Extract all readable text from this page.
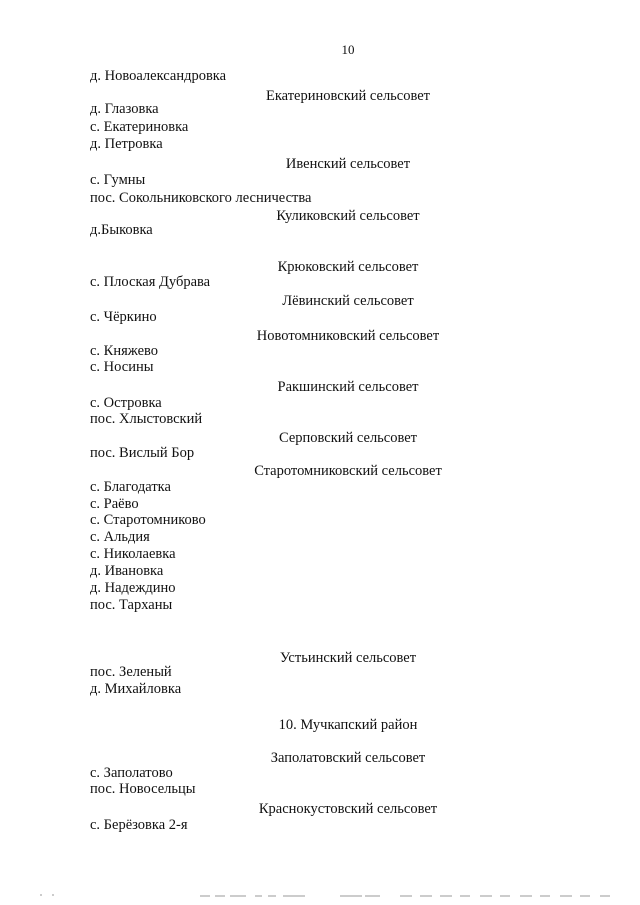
10
д. Новоалександровка
Екатериновский сельсовет
д. Глазовка
с. Екатериновка
д. Петровка
Ивенский сельсовет
с. Гумны
пос. Сокольниковского лесничества
Куликовский сельсовет
д.Быковка
Крюковский сельсовет
с. Плоская Дубрава
Лёвинский сельсовет
с. Чёркино
Новотомниковский сельсовет
с. Княжево
с. Носины
Ракшинский сельсовет
с. Островка
пос. Хлыстовский
Серповский сельсовет
пос. Вислый Бор
Старотомниковский сельсовет
с. Благодатка
с. Раёво
с. Старотомниково
с. Альдия
с. Николаевка
д. Ивановка
д. Надеждино
пос. Тарханы
Устьинский сельсовет
пос. Зеленый
д. Михайловка
10. Мучкапский район
Заполатовский сельсовет
с. Заполатово
пос. Новосельцы
Краснокустовский сельсовет
с. Берёзовка 2-я
